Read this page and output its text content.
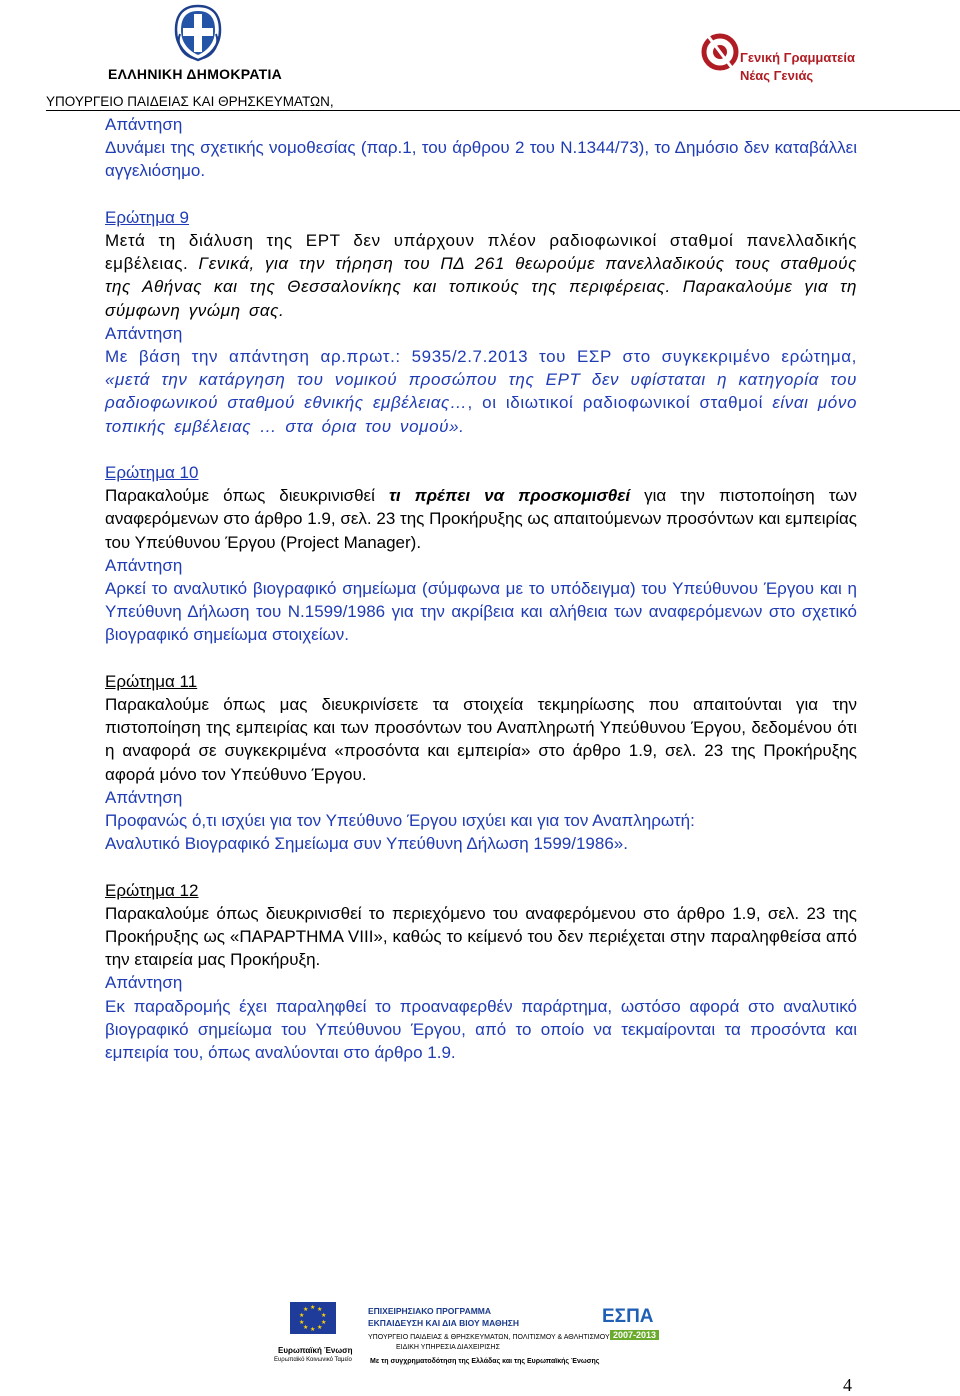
ΕΛΛΗΝΙΚΗ ΔΗΜΟΚΡΑΤΙΑ
ΥΠΟΥΡΓΕΙΟ ΠΑΙΔΕΙΑΣ ΚΑΙ ΘΡΗΣΚΕΥΜΑΤΩΝ,
Γενική Γραμματεία
Νέας Γενιάς

Απάντηση

Δυνάμει της σχετικής νομοθεσίας (παρ.1, του άρθρου 2 του Ν.1344/73), το Δημόσιο δεν καταβάλλει αγγελιόσημο.

Ερώτημα 9

Μετά τη διάλυση της ΕΡΤ δεν υπάρχουν πλέον ραδιοφωνικοί σταθμοί πανελλαδικής εμβέλειας. Γενικά, για την τήρηση του ΠΔ 261 θεωρούμε πανελλαδικούς τους σταθμούς της Αθήνας και της Θεσσαλονίκης και τοπικούς της περιφέρειας. Παρακαλούμε για τη σύμφωνη γνώμη σας.

Απάντηση

Με βάση την απάντηση αρ.πρωτ.: 5935/2.7.2013 του ΕΣΡ στο συγκεκριμένο ερώτημα, «μετά την κατάργηση του νομικού προσώπου της ΕΡΤ δεν υφίσταται η κατηγορία του ραδιοφωνικού σταθμού εθνικής εμβέλειας…, οι ιδιωτικοί ραδιοφωνικοί σταθμοί είναι μόνο τοπικής εμβέλειας … στα όρια του νομού».

Ερώτημα 10

Παρακαλούμε όπως διευκρινισθεί τι πρέπει να προσκομισθεί για την πιστοποίηση των αναφερόμενων στο άρθρο 1.9, σελ. 23 της Προκήρυξης ως απαιτούμενων προσόντων και εμπειρίας του Υπεύθυνου Έργου (Project Manager).

Απάντηση

Αρκεί το αναλυτικό βιογραφικό σημείωμα (σύμφωνα με το υπόδειγμα) του Υπεύθυνου Έργου και η Υπεύθυνη Δήλωση του Ν.1599/1986 για την ακρίβεια και αλήθεια των αναφερόμενων στο σχετικό βιογραφικό σημείωμα στοιχείων.

Ερώτημα 11

Παρακαλούμε όπως μας διευκρινίσετε τα στοιχεία τεκμηρίωσης που απαιτούνται για την πιστοποίηση της εμπειρίας και των προσόντων του Αναπληρωτή Υπεύθυνου Έργου, δεδομένου ότι η αναφορά σε συγκεκριμένα «προσόντα και εμπειρία» στο άρθρο 1.9, σελ. 23 της Προκήρυξης αφορά μόνο τον Υπεύθυνο Έργου.

Απάντηση

Προφανώς ό,τι ισχύει για τον Υπεύθυνο Έργου ισχύει και για τον Αναπληρωτή:

Αναλυτικό Βιογραφικό Σημείωμα συν Υπεύθυνη Δήλωση 1599/1986».

Ερώτημα 12

Παρακαλούμε όπως διευκρινισθεί το περιεχόμενο του αναφερόμενου στο άρθρο 1.9, σελ. 23 της Προκήρυξης ως «ΠΑΡΑΡΤΗΜΑ VIII», καθώς το κείμενό του δεν περιέχεται στην παραληφθείσα από την εταιρεία μας Προκήρυξη.

Απάντηση

Εκ παραδρομής έχει παραληφθεί το προαναφερθέν παράρτημα, ωστόσο αφορά στο αναλυτικό βιογραφικό σημείωμα του Υπεύθυνου Έργου, από το οποίο να τεκμαίρονται τα προσόντα και εμπειρία του, όπως αναλύονται στο άρθρο 1.9.

★ ★
★
★
★
★
★
★
★
★
Ευρωπαϊκή Ένωση
Ευρωπαϊκό Κοινωνικό Ταμείο
ΕΠΙΧΕΙΡΗΣΙΑΚΟ ΠΡΟΓΡΑΜΜΑ
ΕΚΠΑΙΔΕΥΣΗ ΚΑΙ ΔΙΑ ΒΙΟΥ ΜΑΘΗΣΗ
ΥΠΟΥΡΓΕΙΟ ΠΑΙΔΕΙΑΣ & ΘΡΗΣΚΕΥΜΑΤΩΝ, ΠΟΛΙΤΙΣΜΟΥ & ΑΘΛΗΤΙΣΜΟΥ
ΕΙΔΙΚΗ ΥΠΗΡΕΣΙΑ ΔΙΑΧΕΙΡΙΣΗΣ
Με τη συγχρηματοδότηση της Ελλάδας και της Ευρωπαϊκής Ένωσης
ΕΣΠΑ
2007-2013
4
